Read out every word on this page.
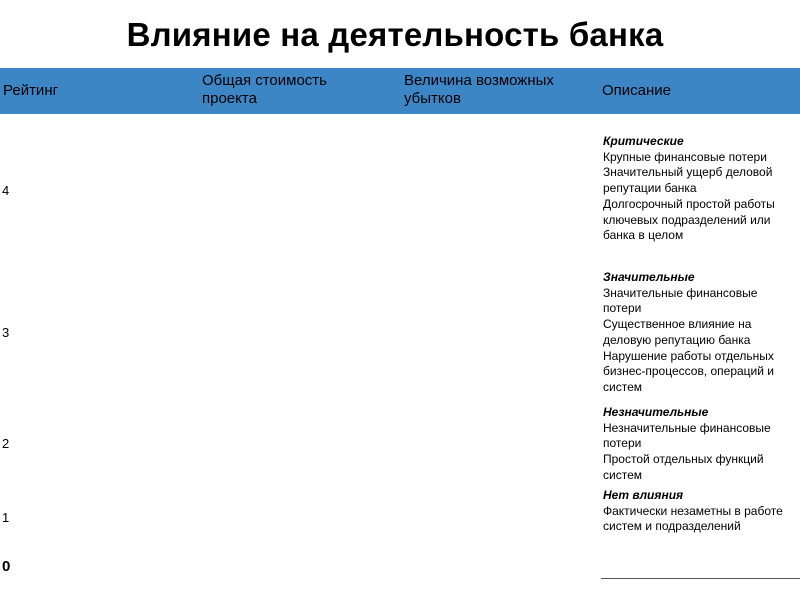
Влияние на деятельность банка
Рейтинг
Общая стоимость проекта
Величина возможных убытков	Описание
4
Критические
Крупные финансовые потери
Значительный ущерб деловой репутации банка
Долгосрочный простой работы ключевых подразделений или банка в целом
3
Значительные
Значительные финансовые потери
Существенное влияние на деловую репутацию банка
Нарушение работы отдельных бизнес-процессов, операций и систем
2
Незначительные
Незначительные финансовые потери
Простой отдельных функций систем
1
Нет влияния
Фактически незаметны в работе систем и подразделений
0
